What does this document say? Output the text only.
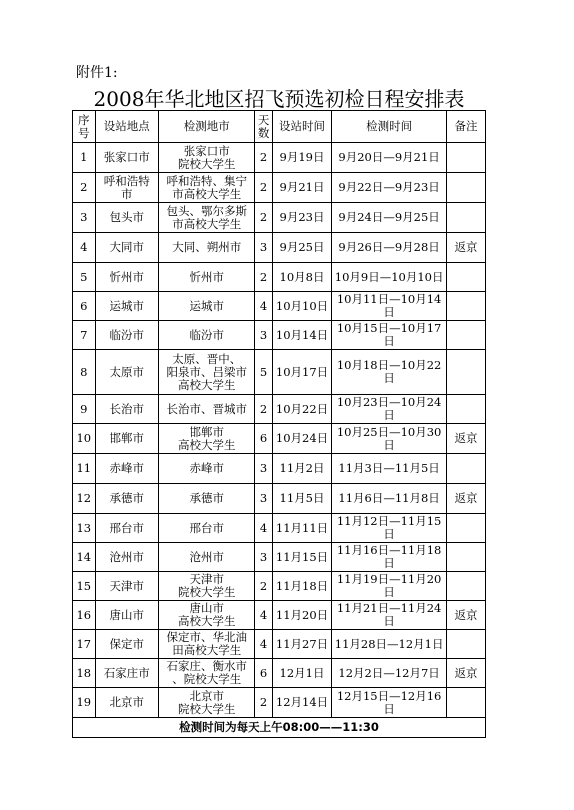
附件1:
2008年华北地区招飞预选初检日程安排表
序号	设站地点	检测地市	天数	设站时间	检测时间	备注
1	张家口市	张家口市
院校大学生	2	9月19日	9月20日—9月21日	
2	呼和浩特
市	呼和浩特、集宁
市高校大学生	2	9月21日	9月22日—9月23日	
3	包头市	包头、鄂尔多斯
市高校大学生	2	9月23日	9月24日—9月25日	
4	大同市	大同、朔州市	3	9月25日	9月26日—9月28日	返京
5	忻州市	忻州市	2	10月8日	10月9日—10月10日	
6	运城市	运城市	4	10月10日	10月11日—10月14
日	
7	临汾市	临汾市	3	10月14日	10月15日—10月17
日	
8	太原市	太原、晋中、
阳泉市、吕梁市
高校大学生	5	10月17日	10月18日—10月22
日	
9	长治市	长治市、晋城市	2	10月22日	10月23日—10月24
日	
10	邯郸市	邯郸市
高校大学生	6	10月24日	10月25日—10月30
日	返京
11	赤峰市	赤峰市	3	11月2日	11月3日—11月5日	
12	承德市	承德市	3	11月5日	11月6日—11月8日	返京
13	邢台市	邢台市	4	11月11日	11月12日—11月15
日	
14	沧州市	沧州市	3	11月15日	11月16日—11月18
日	
15	天津市	天津市
院校大学生	2	11月18日	11月19日—11月20
日	
16	唐山市	唐山市
高校大学生	4	11月20日	11月21日—11月24
日	返京
17	保定市	保定市、华北油
田高校大学生	4	11月27日	11月28日—12月1日	
18	石家庄市	石家庄、衡水市
、院校大学生	6	12月1日	12月2日—12月7日	返京
19	北京市	北京市
院校大学生	2	12月14日	12月15日—12月16
日	
检测时间为每天上午08:00——11:30						
